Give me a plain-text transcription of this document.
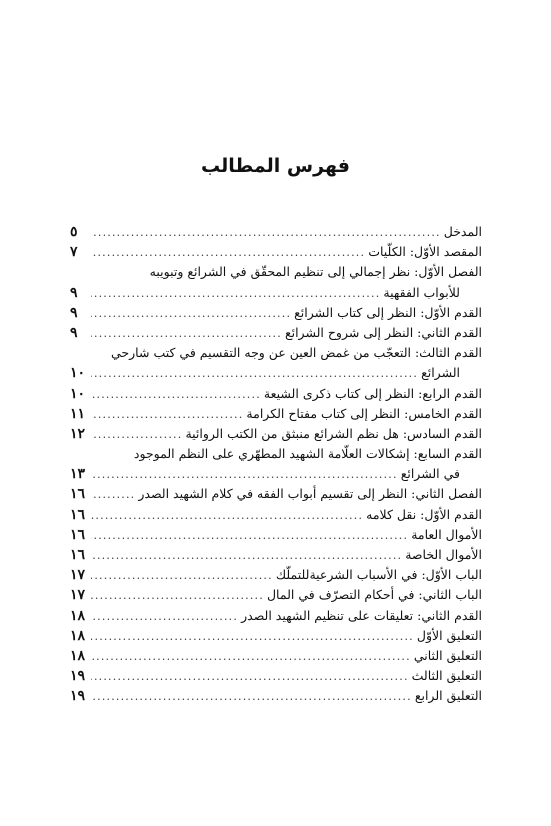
فهرس المطالب
المدخل
.....
٥
المقصد الأوّل: الكلّيات
.....
٧
الفصل الأوّل: نظر إجمالي إلى تنظيم المحقّق في الشرائع وتبويبه
للأبواب الفقهية
.....
٩
القدم الأوّل: النظر إلى كتاب الشرائع
.....
٩
القدم الثاني: النظر إلى شروح الشرائع
.....
٩
القدم الثالث: التعجّب من غمض العين عن وجه التقسيم في كتب شارحي
الشرائع
.....
١٠
القدم الرابع: النظر إلى كتاب ذكرى الشيعة
.....
١٠
القدم الخامس: النظر إلى كتاب مفتاح الكرامة
.....
١١
القدم السادس: هل نظم الشرائع منبثق من الكتب الروائية
.....
١٢
القدم السابع: إشكالات العلّامة الشهيد المطهّري على النظم الموجود
في الشرائع
.....
١٣
الفصل الثاني: النظر إلى تقسيم أبواب الفقه في كلام الشهيد الصدر
.....
١٦
القدم الأوّل: نقل كلامه
.....
١٦
الأموال العامة
.....
١٦
الأموال الخاصة
.....
١٦
الباب الأوّل: في الأسباب الشرعيةللتملّك
.....
١٧
الباب الثاني: في أحكام التصرّف في المال
.....
١٧
القدم الثاني: تعليقات على تنظيم الشهيد الصدر
.....
١٨
التعليق الأوّل
.....
١٨
التعليق الثاني
.....
١٨
التعليق الثالث
.....
١٩
التعليق الرابع
.....
١٩
